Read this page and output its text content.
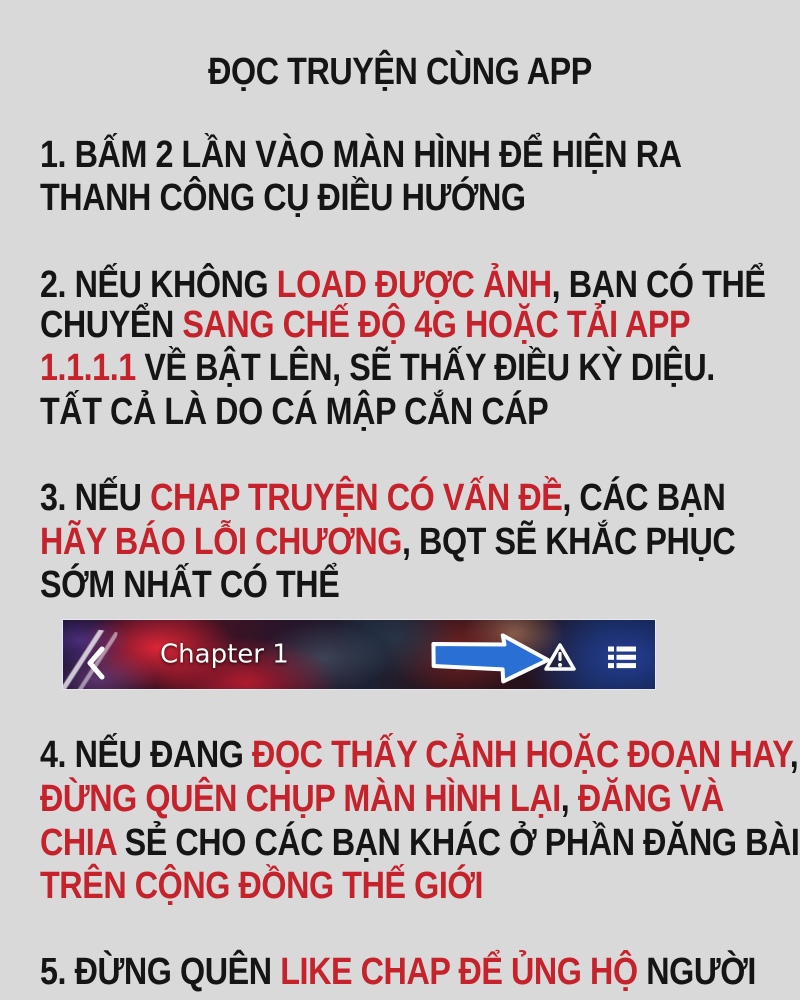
ĐỌC TRUYỆN CÙNG APP
1. BẤM 2 LẦN VÀO MÀN HÌNH ĐỂ HIỆN RA
THANH CÔNG CỤ ĐIỀU HƯỚNG
2. NẾU KHÔNG LOAD ĐƯỢC ẢNH, BẠN CÓ THỂ
CHUYỂN SANG CHẾ ĐỘ 4G HOẶC TẢI APP
1.1.1.1 VỀ BẬT LÊN, SẼ THẤY ĐIỀU KỲ DIỆU.
TẤT CẢ LÀ DO CÁ MẬP CẮN CÁP
3. NẾU CHAP TRUYỆN CÓ VẤN ĐỀ, CÁC BẠN
HÃY BÁO LỖI CHƯƠNG, BQT SẼ KHẮC PHỤC
SỚM NHẤT CÓ THỂ
Chapter 1
4. NẾU ĐANG ĐỌC THẤY CẢNH HOẶC ĐOẠN HAY,
ĐỪNG QUÊN CHỤP MÀN HÌNH LẠI, ĐĂNG VÀ
CHIA SẺ CHO CÁC BẠN KHÁC Ở PHẦN ĐĂNG BÀI
TRÊN CỘNG ĐỒNG THẾ GIỚI
5. ĐỪNG QUÊN LIKE CHAP ĐỂ ỦNG HỘ NGƯỜI
